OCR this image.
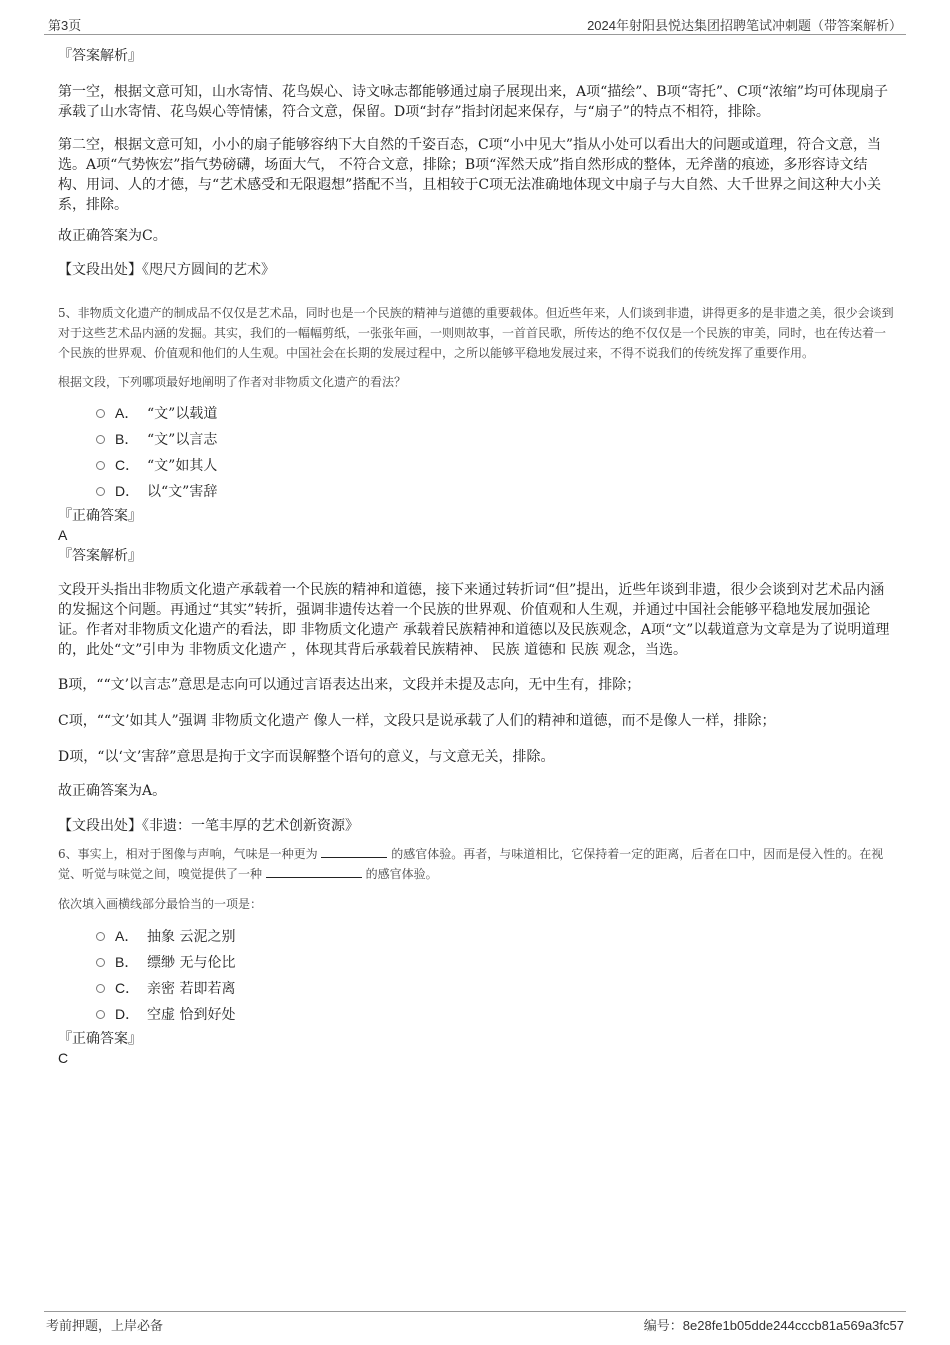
第3页	2024年射阳县悦达集团招聘笔试冲刺题（带答案解析）

『答案解析』

第一空，根据文意可知，山水寄情、花鸟娱心、诗文咏志都能够通过扇子展现出来，A项“描绘”、B项“寄托”、C项“浓缩”均可体现扇子承载了山水寄情、花鸟娱心等情愫，符合文意，保留。D项“封存”指封闭起来保存，与“扇子”的特点不相符，排除。

第二空，根据文意可知，小小的扇子能够容纳下大自然的千姿百态，C项“小中见大”指从小处可以看出大的问题或道理，符合文意，当选。A项“气势恢宏”指气势磅礴，场面大气， 不符合文意，排除；B项“浑然天成”指自然形成的整体，无斧凿的痕迹，多形容诗文结构、用词、人的才德，与“艺术感受和无限遐想”搭配不当，且相较于C项无法准确地体现文中扇子与大自然、大千世界之间这种大小关系，排除。

故正确答案为C。

【文段出处】《咫尺方圆间的艺术》

5、非物质文化遗产的制成品不仅仅是艺术品，同时也是一个民族的精神与道德的重要载体。但近些年来，人们谈到非遗，讲得更多的是非遗之美，很少会谈到对于这些艺术品内涵的发掘。其实，我们的一幅幅剪纸，一张张年画，一则则故事，一首首民歌，所传达的绝不仅仅是一个民族的审美，同时，也在传达着一个民族的世界观、价值观和他们的人生观。中国社会在长期的发展过程中，之所以能够平稳地发展过来，不得不说我们的传统发挥了重要作用。

根据文段，下列哪项最好地阐明了作者对非物质文化遗产的看法？

A． “文”以载道
B． “文”以言志
C． “文”如其人
D． 以“文”害辞

『正确答案』

A

『答案解析』

文段开头指出非物质文化遗产承载着一个民族的精神和道德，接下来通过转折词“但”提出，近些年谈到非遗，很少会谈到对艺术品内涵的发掘这个问题。再通过“其实”转折，强调非遗传达着一个民族的世界观、价值观和人生观，并通过中国社会能够平稳地发展加强论证。作者对非物质文化遗产的看法，即 非物质文化遗产 承载着民族精神和道德以及民族观念，A项“文”以载道意为文章是为了说明道理的，此处“文”引申为 非物质文化遗产 ，体现其背后承载着民族精神、 民族 道德和 民族 观念，当选。

B项，““文’以言志”意思是志向可以通过言语表达出来，文段并未提及志向，无中生有，排除；

C项，““文’如其人”强调 非物质文化遗产 像人一样，文段只是说承载了人们的精神和道德，而不是像人一样，排除；

D项，“以‘文’害辞”意思是拘于文字而误解整个语句的意义，与文意无关，排除。

故正确答案为A。

【文段出处】《非遗：一笔丰厚的艺术创新资源》

6、事实上，相对于图像与声响，气味是一种更为	的感官体验。再者，与味道相比，它保持着一定的距离，后者在口中，因而是侵入性的。在视觉、听觉与味觉之间，嗅觉提供了一种	的感官体验。

依次填入画横线部分最恰当的一项是：

A． 抽象 云泥之别
B． 缥缈 无与伦比
C． 亲密 若即若离
D． 空虚 恰到好处

『正确答案』

C

考前押题，上岸必备	编号：8e28fe1b05dde244cccb81a569a3fc57
